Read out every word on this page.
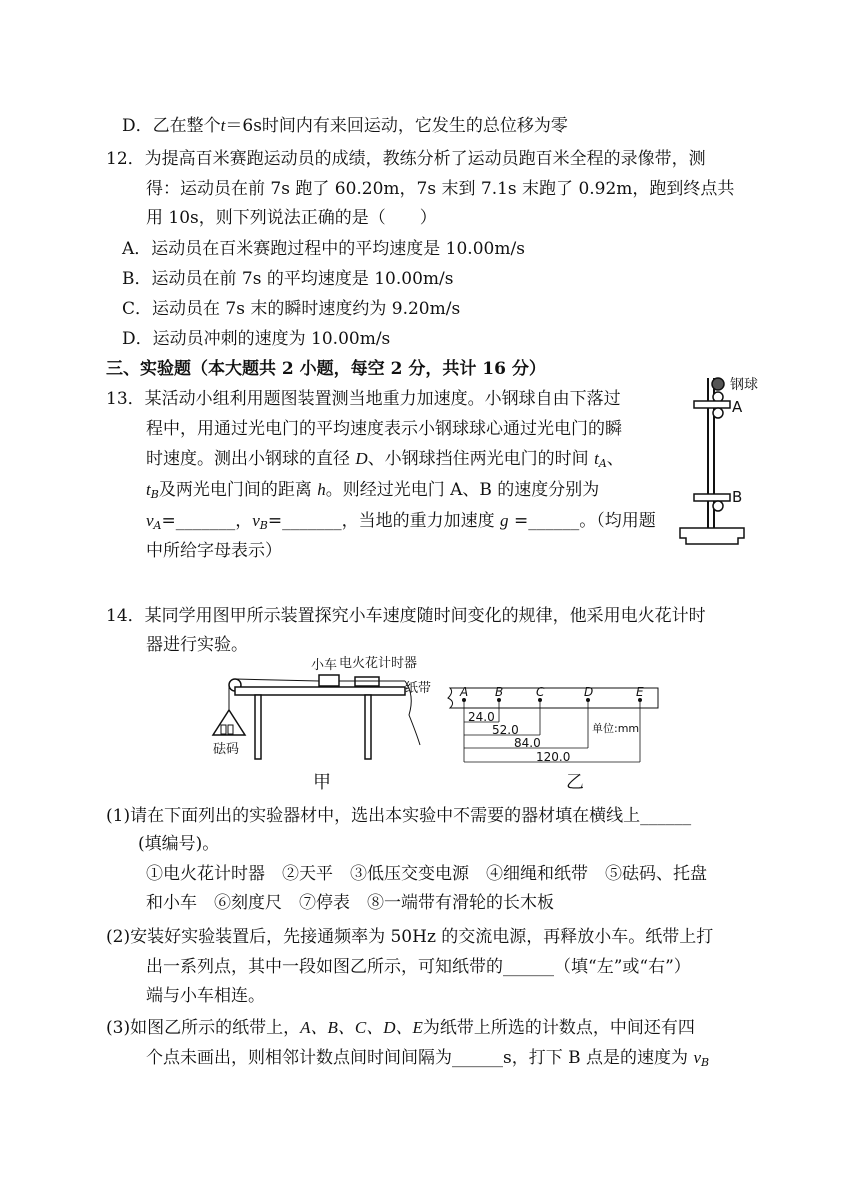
D．乙在整个t＝6s时间内有来回运动，它发生的总位移为零
12．为提高百米赛跑运动员的成绩，教练分析了运动员跑百米全程的录像带，测
得：运动员在前 7s 跑了 60.20m，7s 末到 7.1s 末跑了 0.92m，跑到终点共
用 10s，则下列说法正确的是（　　）
A．运动员在百米赛跑过程中的平均速度是 10.00m/s
B．运动员在前 7s 的平均速度是 10.00m/s
C．运动员在 7s 末的瞬时速度约为 9.20m/s
D．运动员冲刺的速度为 10.00m/s
三、实验题（本大题共 2 小题，每空 2 分，共计 16 分）
13．某活动小组利用题图装置测当地重力加速度。小钢球自由下落过
程中，用通过光电门的平均速度表示小钢球球心通过光电门的瞬
时速度。测出小钢球的直径 D、小钢球挡住两光电门的时间 $t_A$、
$t_B$及两光电门间的距离 h。则经过光电门 A、B 的速度分别为
$v_A=\_\_\_\_\_\_\_$，$v_B=\_\_\_\_\_\_\_$，当地的重力加速度 g =______。（均用题
中所给字母表示）
钢球
A
B
14．某同学用图甲所示装置探究小车速度随时间变化的规律，他采用电火花计时
器进行实验。
小车 电火花计时器
纸带
砝码
甲
A B	C	D	E
24.0
52.0
84.0
120.0
单位:mm
乙
(1)请在下面列出的实验器材中，选出本实验中不需要的器材填在横线上______
(填编号)。
①电火花计时器　②天平　③低压交变电源　④细绳和纸带　⑤砝码、托盘
和小车　⑥刻度尺　⑦停表　⑧一端带有滑轮的长木板
(2)安装好实验装置后，先接通频率为 50Hz 的交流电源，再释放小车。纸带上打
出一系列点，其中一段如图乙所示，可知纸带的______（填“左”或“右”）
端与小车相连。
(3)如图乙所示的纸带上，A、B、C、D、E为纸带上所选的计数点，中间还有四
个点未画出，则相邻计数点间时间间隔为______s，打下 B 点是的速度为 $v_B$
